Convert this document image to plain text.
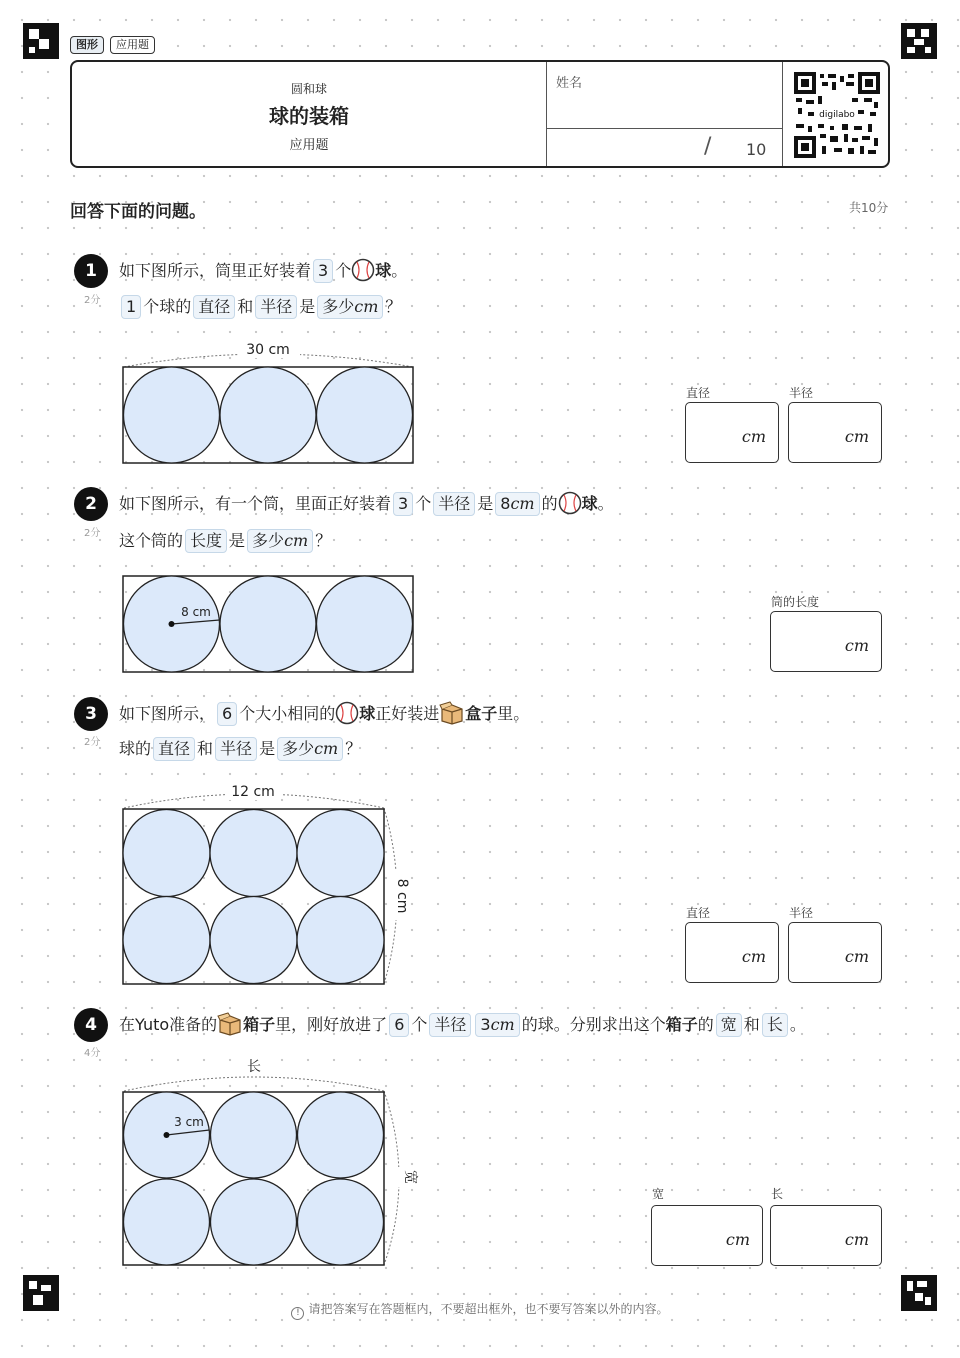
图形	应用题
圆和球
球的装箱
应用题
姓名
/ 10
digilabo
回答下面的问题。	共10分
1
2分
如下图所示，筒里正好装着 3 个 球。
1 个球的 直径 和 半径 是 多少cm ？
30 cm
直径
cm
半径
cm
2
2分
如下图所示，有一个筒，里面正好装着 3 个 半径 是 8cm 的 球。
这个筒的 长度 是 多少cm ？
8 cm
筒的长度
cm
3
2分
如下图所示， 6 个大小相同的 球正好装进 盒子里。
球的 直径 和 半径 是 多少cm ？
12 cm
8 cm	直径
cm
半径
cm
4
4分
在Yuto准备的 箱子里，刚好放进了 6 个 半径 3cm 的球。分别求出这个箱子的 宽 和 长 。
长
宽
3 cm
宽
cm
长
cm
! 请把答案写在答题框内，不要超出框外，也不要写答案以外的内容。
